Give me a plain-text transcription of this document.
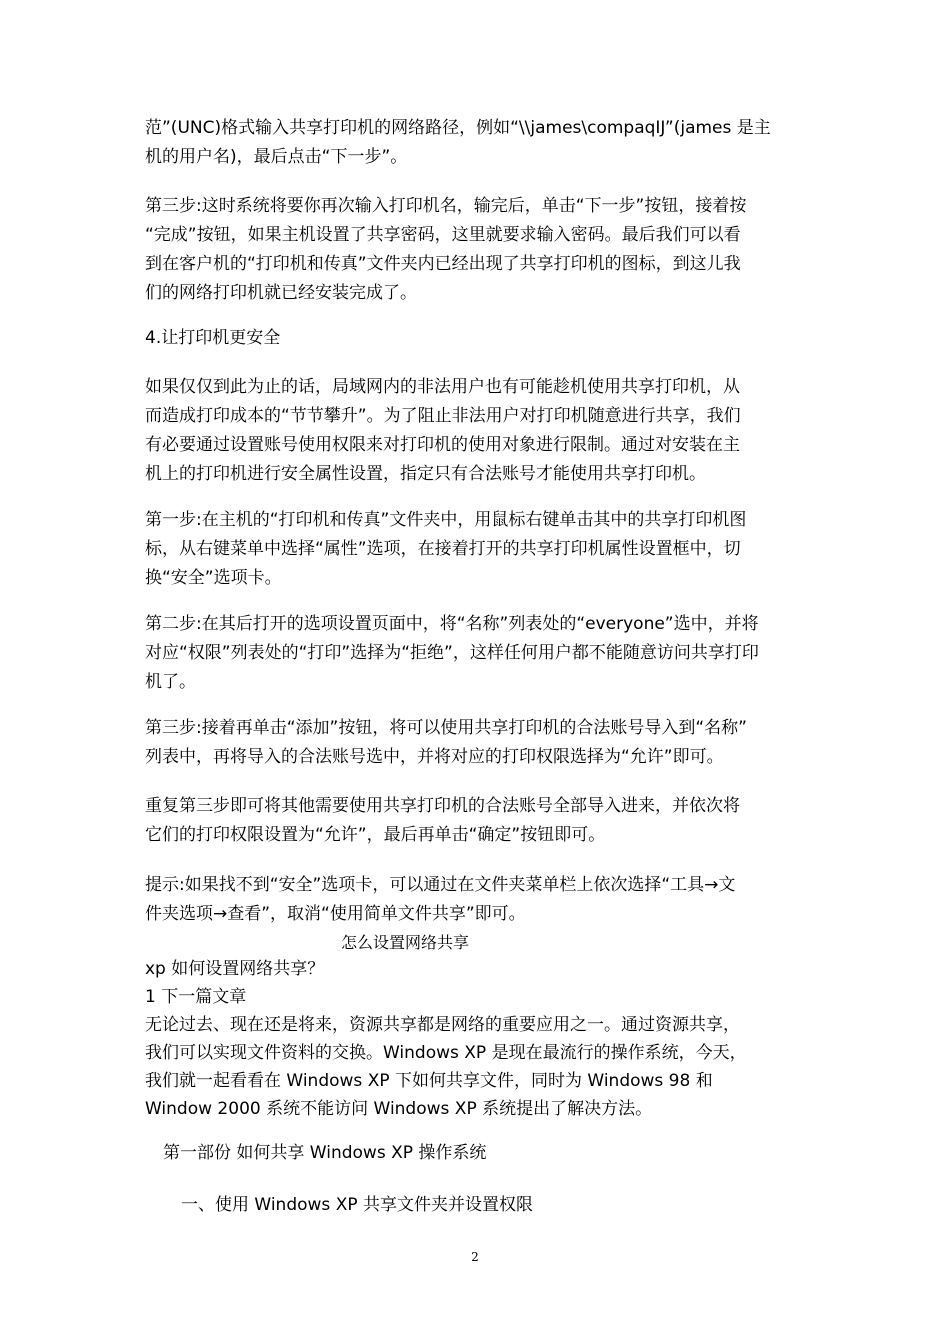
范”(UNC)格式输入共享打印机的网络路径，例如“\\james\compaqIJ”(james 是主
机的用户名)，最后点击“下一步”。

第三步:这时系统将要你再次输入打印机名，输完后，单击“下一步”按钮，接着按
“完成”按钮，如果主机设置了共享密码，这里就要求输入密码。最后我们可以看
到在客户机的“打印机和传真”文件夹内已经出现了共享打印机的图标，到这儿我
们的网络打印机就已经安装完成了。

4.让打印机更安全

如果仅仅到此为止的话，局域网内的非法用户也有可能趁机使用共享打印机，从
而造成打印成本的“节节攀升”。为了阻止非法用户对打印机随意进行共享，我们
有必要通过设置账号使用权限来对打印机的使用对象进行限制。通过对安装在主
机上的打印机进行安全属性设置，指定只有合法账号才能使用共享打印机。

第一步:在主机的“打印机和传真”文件夹中，用鼠标右键单击其中的共享打印机图
标，从右键菜单中选择“属性”选项，在接着打开的共享打印机属性设置框中，切
换“安全”选项卡。

第二步:在其后打开的选项设置页面中，将“名称”列表处的“everyone”选中，并将
对应“权限”列表处的“打印”选择为“拒绝”，这样任何用户都不能随意访问共享打印
机了。

第三步:接着再单击“添加”按钮，将可以使用共享打印机的合法账号导入到“名称”
列表中，再将导入的合法账号选中，并将对应的打印权限选择为“允许”即可。

重复第三步即可将其他需要使用共享打印机的合法账号全部导入进来，并依次将
它们的打印权限设置为“允许”，最后再单击“确定”按钮即可。

提示:如果找不到“安全”选项卡，可以通过在文件夹菜单栏上依次选择“工具→文
件夹选项→查看”，取消“使用简单文件共享”即可。

怎么设置网络共享

xp 如何设置网络共享？
1 下一篇文章
无论过去、现在还是将来，资源共享都是网络的重要应用之一。通过资源共享，
我们可以实现文件资料的交换。Windows XP 是现在最流行的操作系统，今天，
我们就一起看看在 Windows XP 下如何共享文件，同时为 Windows 98 和
Window 2000 系统不能访问 Windows XP 系统提出了解决方法。

第一部份 如何共享 Windows XP 操作系统

一、使用 Windows XP 共享文件夹并设置权限

2
